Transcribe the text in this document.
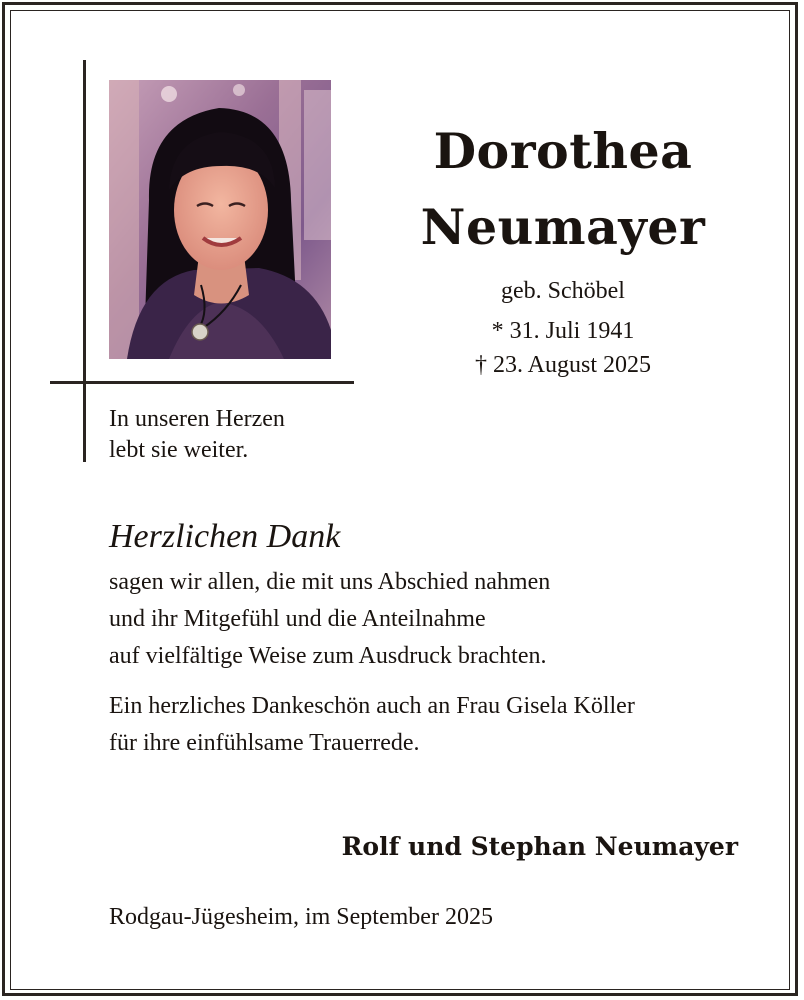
Dorothea
Neumayer
geb. Schöbel
* 31. Juli 1941
† 23. August 2025
In unseren Herzen
lebt sie weiter.
Herzlichen Dank
sagen wir allen, die mit uns Abschied nahmen
und ihr Mitgefühl und die Anteilnahme
auf vielfältige Weise zum Ausdruck brachten.
Ein herzliches Dankeschön auch an Frau Gisela Köller
für ihre einfühlsame Trauerrede.
Rolf und Stephan Neumayer
Rodgau-Jügesheim, im September 2025
